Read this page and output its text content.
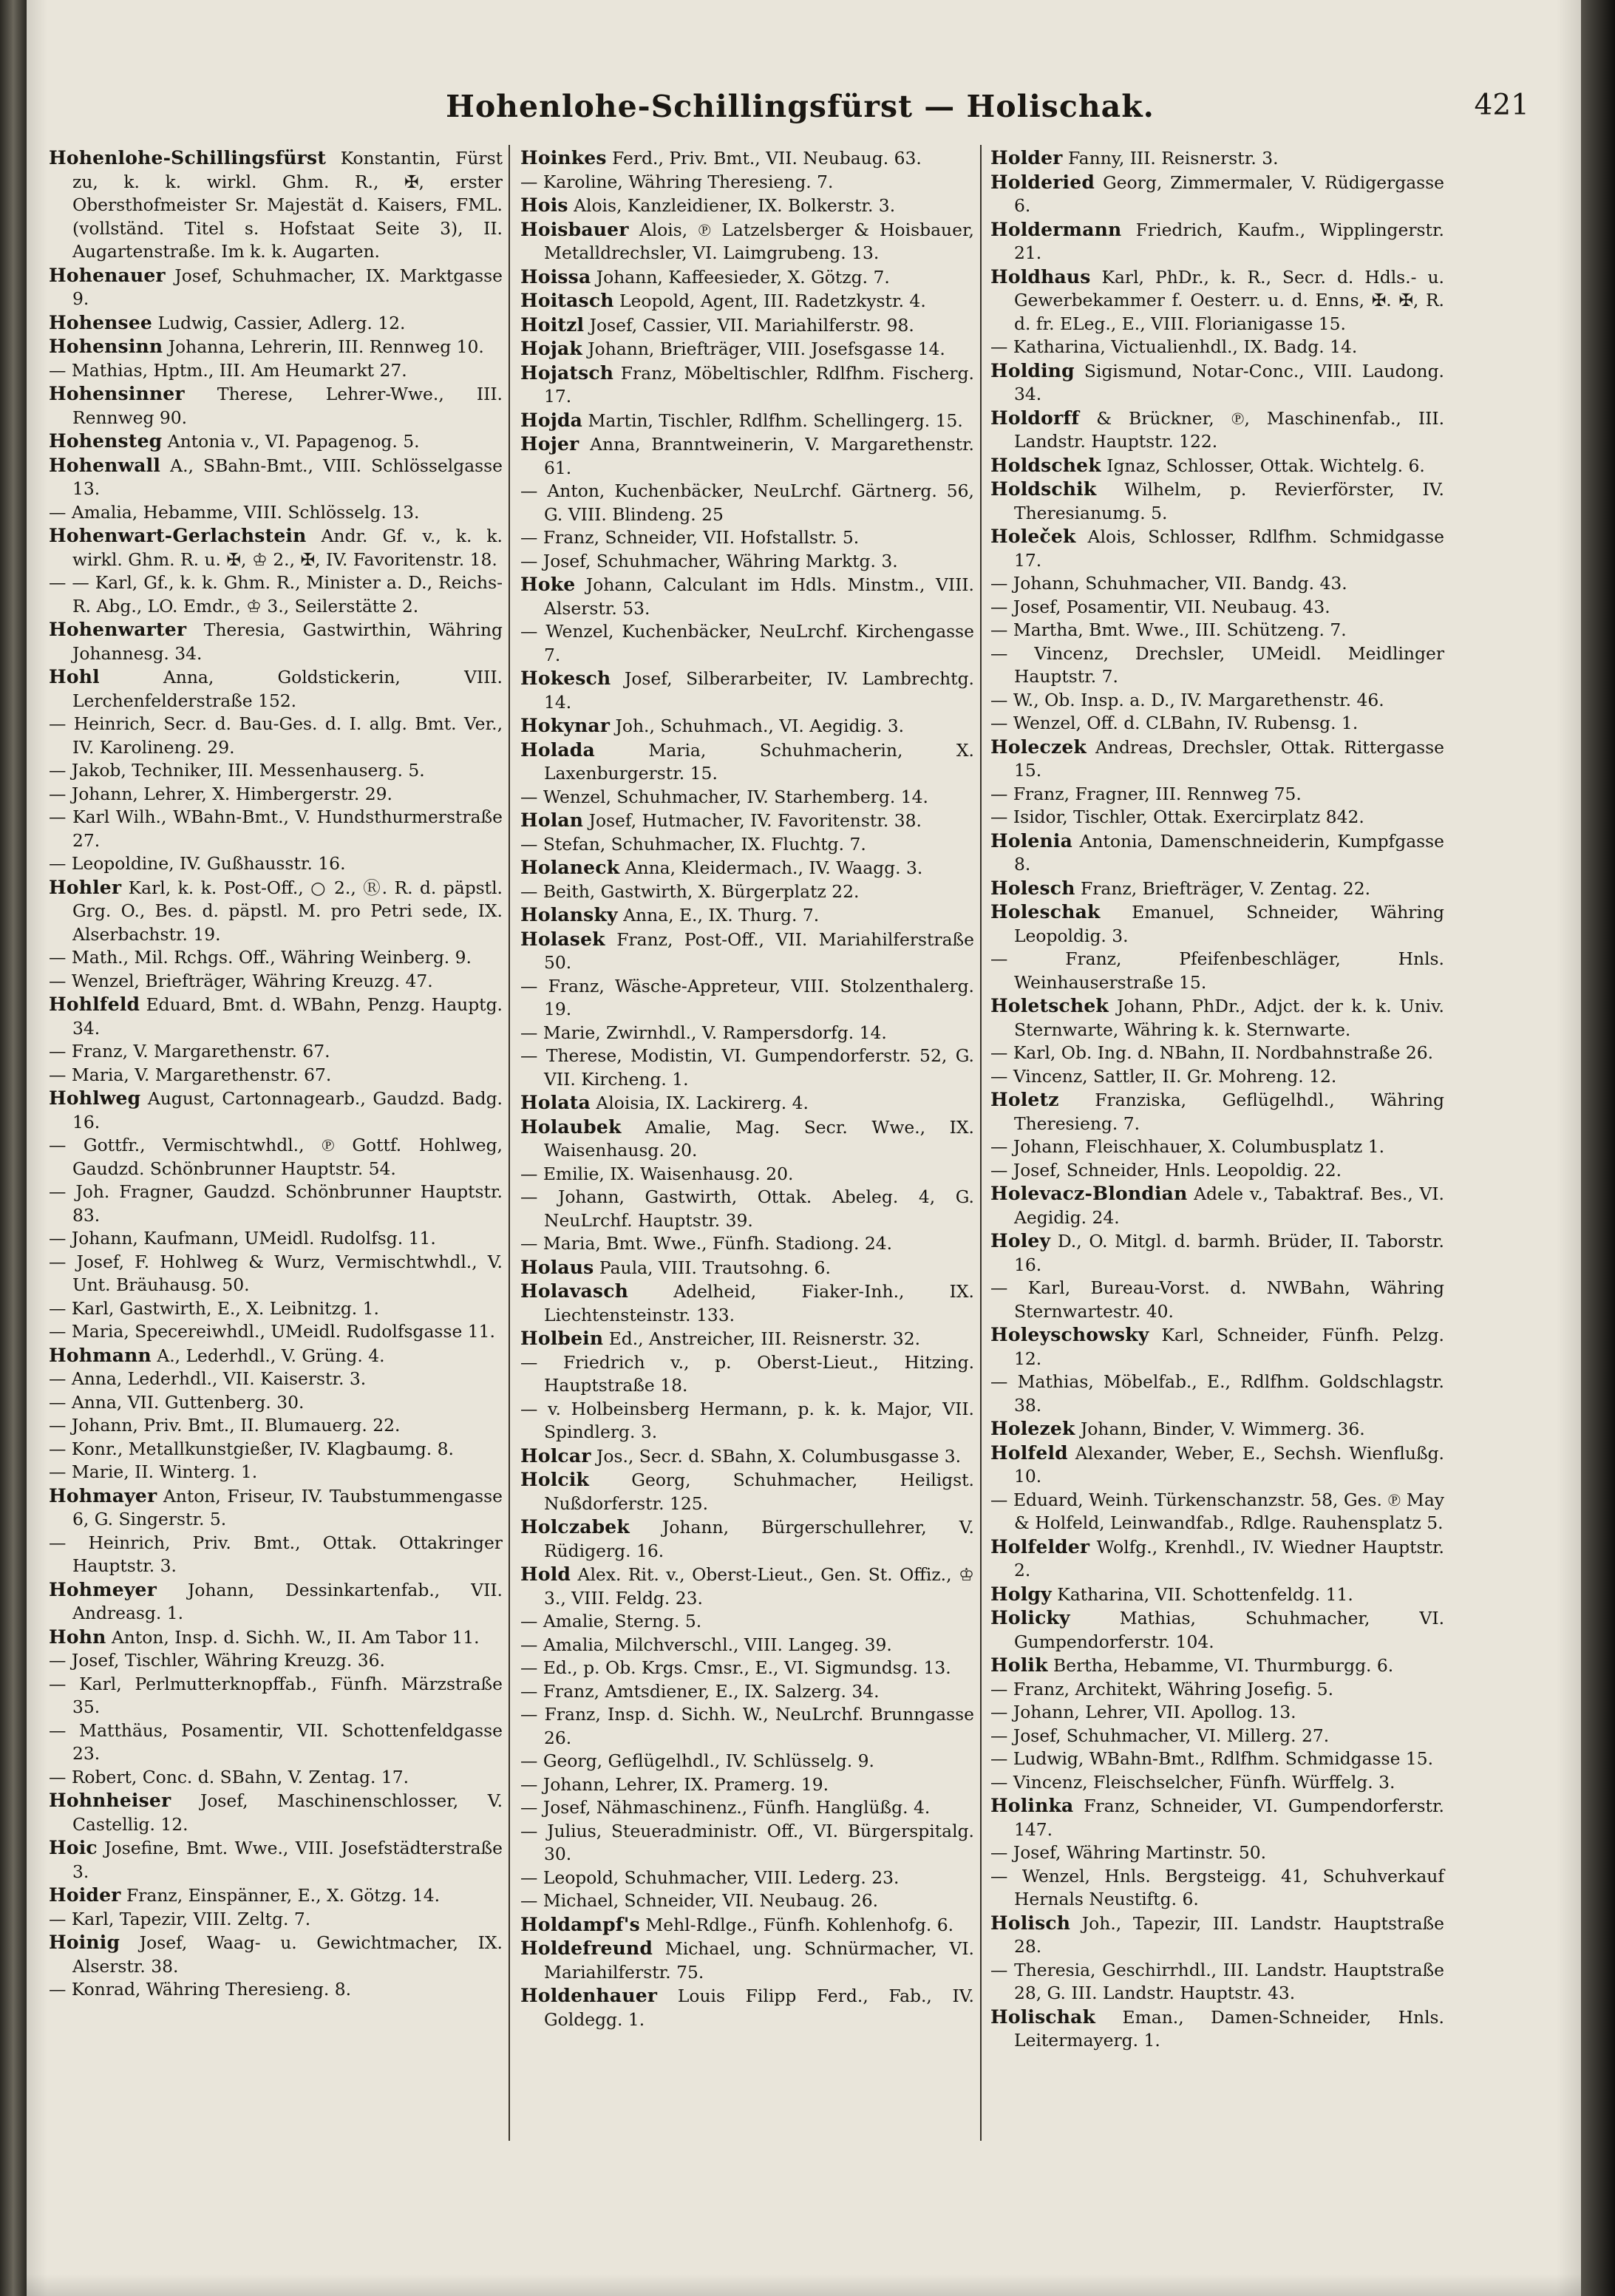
Hohenlohe-Schillingsfürst — Holischak.	421

Hohenlohe-Schillingsfürst Konstantin, Fürst zu, k. k. wirkl. Ghm. R., ✠, erster Obersthofmeister Sr. Majestät d. Kaisers, FML. (vollständ. Titel s. Hofstaat Seite 3), II. Augartenstraße. Im k. k. Augarten.

Hohenauer Josef, Schuhmacher, IX. Marktgasse 9.

Hohensee Ludwig, Cassier, Adlerg. 12.

Hohensinn Johanna, Lehrerin, III. Rennweg 10.

— Mathias, Hptm., III. Am Heumarkt 27.

Hohensinner Therese, Lehrer-Wwe., III. Rennweg 90.

Hohensteg Antonia v., VI. Papagenog. 5.

Hohenwall A., SBahn-Bmt., VIII. Schlösselgasse 13.

— Amalia, Hebamme, VIII. Schlösselg. 13.

Hohenwart-Gerlachstein Andr. Gf. v., k. k. wirkl. Ghm. R. u. ✠, ♔ 2., ✠, IV. Favoritenstr. 18.

— — Karl, Gf., k. k. Ghm. R., Minister a. D., Reichs-R. Abg., LO. Emdr., ♔ 3., Seilerstätte 2.

Hohenwarter Theresia, Gastwirthin, Währing Johannesg. 34.

Hohl Anna, Goldstickerin, VIII. Lerchenfelderstraße 152.

— Heinrich, Secr. d. Bau-Ges. d. I. allg. Bmt. Ver., IV. Karolineng. 29.

— Jakob, Techniker, III. Messenhauserg. 5.

— Johann, Lehrer, X. Himbergerstr. 29.

— Karl Wilh., WBahn-Bmt., V. Hundsthurmerstraße 27.

— Leopoldine, IV. Gußhausstr. 16.

Hohler Karl, k. k. Post-Off., ○ 2., Ⓡ. R. d. päpstl. Grg. O., Bes. d. päpstl. M. pro Petri sede, IX. Alserbachstr. 19.

— Math., Mil. Rchgs. Off., Währing Weinberg. 9.

— Wenzel, Briefträger, Währing Kreuzg. 47.

Hohlfeld Eduard, Bmt. d. WBahn, Penzg. Hauptg. 34.

— Franz, V. Margarethenstr. 67.

— Maria, V. Margarethenstr. 67.

Hohlweg August, Cartonnagearb., Gaudzd. Badg. 16.

— Gottfr., Vermischtwhdl., ℗ Gottf. Hohlweg, Gaudzd. Schönbrunner Hauptstr. 54.

— Joh. Fragner, Gaudzd. Schönbrunner Hauptstr. 83.

— Johann, Kaufmann, UMeidl. Rudolfsg. 11.

— Josef, F. Hohlweg & Wurz, Vermischtwhdl., V. Unt. Bräuhausg. 50.

— Karl, Gastwirth, E., X. Leibnitzg. 1.

— Maria, Specereiwhdl., UMeidl. Rudolfsgasse 11.

Hohmann A., Lederhdl., V. Grüng. 4.

— Anna, Lederhdl., VII. Kaiserstr. 3.

— Anna, VII. Guttenberg. 30.

— Johann, Priv. Bmt., II. Blumauerg. 22.

— Konr., Metallkunstgießer, IV. Klagbaumg. 8.

— Marie, II. Winterg. 1.

Hohmayer Anton, Friseur, IV. Taubstummengasse 6, G. Singerstr. 5.

— Heinrich, Priv. Bmt., Ottak. Ottakringer Hauptstr. 3.

Hohmeyer Johann, Dessinkartenfab., VII. Andreasg. 1.

Hohn Anton, Insp. d. Sichh. W., II. Am Tabor 11.

— Josef, Tischler, Währing Kreuzg. 36.

— Karl, Perlmutterknopffab., Fünfh. Märzstraße 35.

— Matthäus, Posamentir, VII. Schottenfeldgasse 23.

— Robert, Conc. d. SBahn, V. Zentag. 17.

Hohnheiser Josef, Maschinenschlosser, V. Castellig. 12.

Hoic Josefine, Bmt. Wwe., VIII. Josefstädterstraße 3.

Hoider Franz, Einspänner, E., X. Götzg. 14.

— Karl, Tapezir, VIII. Zeltg. 7.

Hoinig Josef, Waag- u. Gewichtmacher, IX. Alserstr. 38.

— Konrad, Währing Theresieng. 8.

Hoinkes Ferd., Priv. Bmt., VII. Neubaug. 63.

— Karoline, Währing Theresieng. 7.

Hois Alois, Kanzleidiener, IX. Bolkerstr. 3.

Hoisbauer Alois, ℗ Latzelsberger & Hoisbauer, Metalldrechsler, VI. Laimgrubeng. 13.

Hoissa Johann, Kaffeesieder, X. Götzg. 7.

Hoitasch Leopold, Agent, III. Radetzkystr. 4.

Hoitzl Josef, Cassier, VII. Mariahilferstr. 98.

Hojak Johann, Briefträger, VIII. Josefsgasse 14.

Hojatsch Franz, Möbeltischler, Rdlfhm. Fischerg. 17.

Hojda Martin, Tischler, Rdlfhm. Schellingerg. 15.

Hojer Anna, Branntweinerin, V. Margarethenstr. 61.

— Anton, Kuchenbäcker, NeuLrchf. Gärtnerg. 56, G. VIII. Blindeng. 25

— Franz, Schneider, VII. Hofstallstr. 5.

— Josef, Schuhmacher, Währing Marktg. 3.

Hoke Johann, Calculant im Hdls. Minstm., VIII. Alserstr. 53.

— Wenzel, Kuchenbäcker, NeuLrchf. Kirchengasse 7.

Hokesch Josef, Silberarbeiter, IV. Lambrechtg. 14.

Hokynar Joh., Schuhmach., VI. Aegidig. 3.

Holada Maria, Schuhmacherin, X. Laxenburgerstr. 15.

— Wenzel, Schuhmacher, IV. Starhemberg. 14.

Holan Josef, Hutmacher, IV. Favoritenstr. 38.

— Stefan, Schuhmacher, IX. Fluchtg. 7.

Holaneck Anna, Kleidermach., IV. Waagg. 3.

— Beith, Gastwirth, X. Bürgerplatz 22.

Holansky Anna, E., IX. Thurg. 7.

Holasek Franz, Post-Off., VII. Mariahilferstraße 50.

— Franz, Wäsche-Appreteur, VIII. Stolzenthalerg. 19.

— Marie, Zwirnhdl., V. Rampersdorfg. 14.

— Therese, Modistin, VI. Gumpendorferstr. 52, G. VII. Kircheng. 1.

Holata Aloisia, IX. Lackirerg. 4.

Holaubek Amalie, Mag. Secr. Wwe., IX. Waisenhausg. 20.

— Emilie, IX. Waisenhausg. 20.

— Johann, Gastwirth, Ottak. Abeleg. 4, G. NeuLrchf. Hauptstr. 39.

— Maria, Bmt. Wwe., Fünfh. Stadiong. 24.

Holaus Paula, VIII. Trautsohng. 6.

Holavasch Adelheid, Fiaker-Inh., IX. Liechtensteinstr. 133.

Holbein Ed., Anstreicher, III. Reisnerstr. 32.

— Friedrich v., p. Oberst-Lieut., Hitzing. Hauptstraße 18.

— v. Holbeinsberg Hermann, p. k. k. Major, VII. Spindlerg. 3.

Holcar Jos., Secr. d. SBahn, X. Columbusgasse 3.

Holcik Georg, Schuhmacher, Heiligst. Nußdorferstr. 125.

Holczabek Johann, Bürgerschullehrer, V. Rüdigerg. 16.

Hold Alex. Rit. v., Oberst-Lieut., Gen. St. Offiz., ♔ 3., VIII. Feldg. 23.

— Amalie, Sterng. 5.

— Amalia, Milchverschl., VIII. Langeg. 39.

— Ed., p. Ob. Krgs. Cmsr., E., VI. Sigmundsg. 13.

— Franz, Amtsdiener, E., IX. Salzerg. 34.

— Franz, Insp. d. Sichh. W., NeuLrchf. Brunngasse 26.

— Georg, Geflügelhdl., IV. Schlüsselg. 9.

— Johann, Lehrer, IX. Pramerg. 19.

— Josef, Nähmaschinenz., Fünfh. Hanglüßg. 4.

— Julius, Steueradministr. Off., VI. Bürgerspitalg. 30.

— Leopold, Schuhmacher, VIII. Lederg. 23.

— Michael, Schneider, VII. Neubaug. 26.

Holdampf's Mehl-Rdlge., Fünfh. Kohlenhofg. 6.

Holdefreund Michael, ung. Schnürmacher, VI. Mariahilferstr. 75.

Holdenhauer Louis Filipp Ferd., Fab., IV. Goldegg. 1.

Holder Fanny, III. Reisnerstr. 3.

Holderied Georg, Zimmermaler, V. Rüdigergasse 6.

Holdermann Friedrich, Kaufm., Wipplingerstr. 21.

Holdhaus Karl, PhDr., k. R., Secr. d. Hdls.- u. Gewerbekammer f. Oesterr. u. d. Enns, ✠. ✠, R. d. fr. ELeg., E., VIII. Florianigasse 15.

— Katharina, Victualienhdl., IX. Badg. 14.

Holding Sigismund, Notar-Conc., VIII. Laudong. 34.

Holdorff & Brückner, ℗, Maschinenfab., III. Landstr. Hauptstr. 122.

Holdschek Ignaz, Schlosser, Ottak. Wichtelg. 6.

Holdschik Wilhelm, p. Revierförster, IV. Theresianumg. 5.

Holeček Alois, Schlosser, Rdlfhm. Schmidgasse 17.

— Johann, Schuhmacher, VII. Bandg. 43.

— Josef, Posamentir, VII. Neubaug. 43.

— Martha, Bmt. Wwe., III. Schützeng. 7.

— Vincenz, Drechsler, UMeidl. Meidlinger Hauptstr. 7.

— W., Ob. Insp. a. D., IV. Margarethenstr. 46.

— Wenzel, Off. d. CLBahn, IV. Rubensg. 1.

Holeczek Andreas, Drechsler, Ottak. Rittergasse 15.

— Franz, Fragner, III. Rennweg 75.

— Isidor, Tischler, Ottak. Exercirplatz 842.

Holenia Antonia, Damenschneiderin, Kumpfgasse 8.

Holesch Franz, Briefträger, V. Zentag. 22.

Holeschak Emanuel, Schneider, Währing Leopoldig. 3.

— Franz, Pfeifenbeschläger, Hnls. Weinhauserstraße 15.

Holetschek Johann, PhDr., Adjct. der k. k. Univ. Sternwarte, Währing k. k. Sternwarte.

— Karl, Ob. Ing. d. NBahn, II. Nordbahnstraße 26.

— Vincenz, Sattler, II. Gr. Mohreng. 12.

Holetz Franziska, Geflügelhdl., Währing Theresieng. 7.

— Johann, Fleischhauer, X. Columbusplatz 1.

— Josef, Schneider, Hnls. Leopoldig. 22.

Holevacz-Blondian Adele v., Tabaktraf. Bes., VI. Aegidig. 24.

Holey D., O. Mitgl. d. barmh. Brüder, II. Taborstr. 16.

— Karl, Bureau-Vorst. d. NWBahn, Währing Sternwartestr. 40.

Holeyschowsky Karl, Schneider, Fünfh. Pelzg. 12.

— Mathias, Möbelfab., E., Rdlfhm. Goldschlagstr. 38.

Holezek Johann, Binder, V. Wimmerg. 36.

Holfeld Alexander, Weber, E., Sechsh. Wienflußg. 10.

— Eduard, Weinh. Türkenschanzstr. 58, Ges. ℗ May & Holfeld, Leinwandfab., Rdlge. Rauhensplatz 5.

Holfelder Wolfg., Krenhdl., IV. Wiedner Hauptstr. 2.

Holgy Katharina, VII. Schottenfeldg. 11.

Holicky Mathias, Schuhmacher, VI. Gumpendorferstr. 104.

Holik Bertha, Hebamme, VI. Thurmburgg. 6.

— Franz, Architekt, Währing Josefig. 5.

— Johann, Lehrer, VII. Apollog. 13.

— Josef, Schuhmacher, VI. Millerg. 27.

— Ludwig, WBahn-Bmt., Rdlfhm. Schmidgasse 15.

— Vincenz, Fleischselcher, Fünfh. Würffelg. 3.

Holinka Franz, Schneider, VI. Gumpendorferstr. 147.

— Josef, Währing Martinstr. 50.

— Wenzel, Hnls. Bergsteigg. 41, Schuhverkauf Hernals Neustiftg. 6.

Holisch Joh., Tapezir, III. Landstr. Hauptstraße 28.

— Theresia, Geschirrhdl., III. Landstr. Hauptstraße 28, G. III. Landstr. Hauptstr. 43.

Holischak Eman., Damen-Schneider, Hnls. Leitermayerg. 1.
